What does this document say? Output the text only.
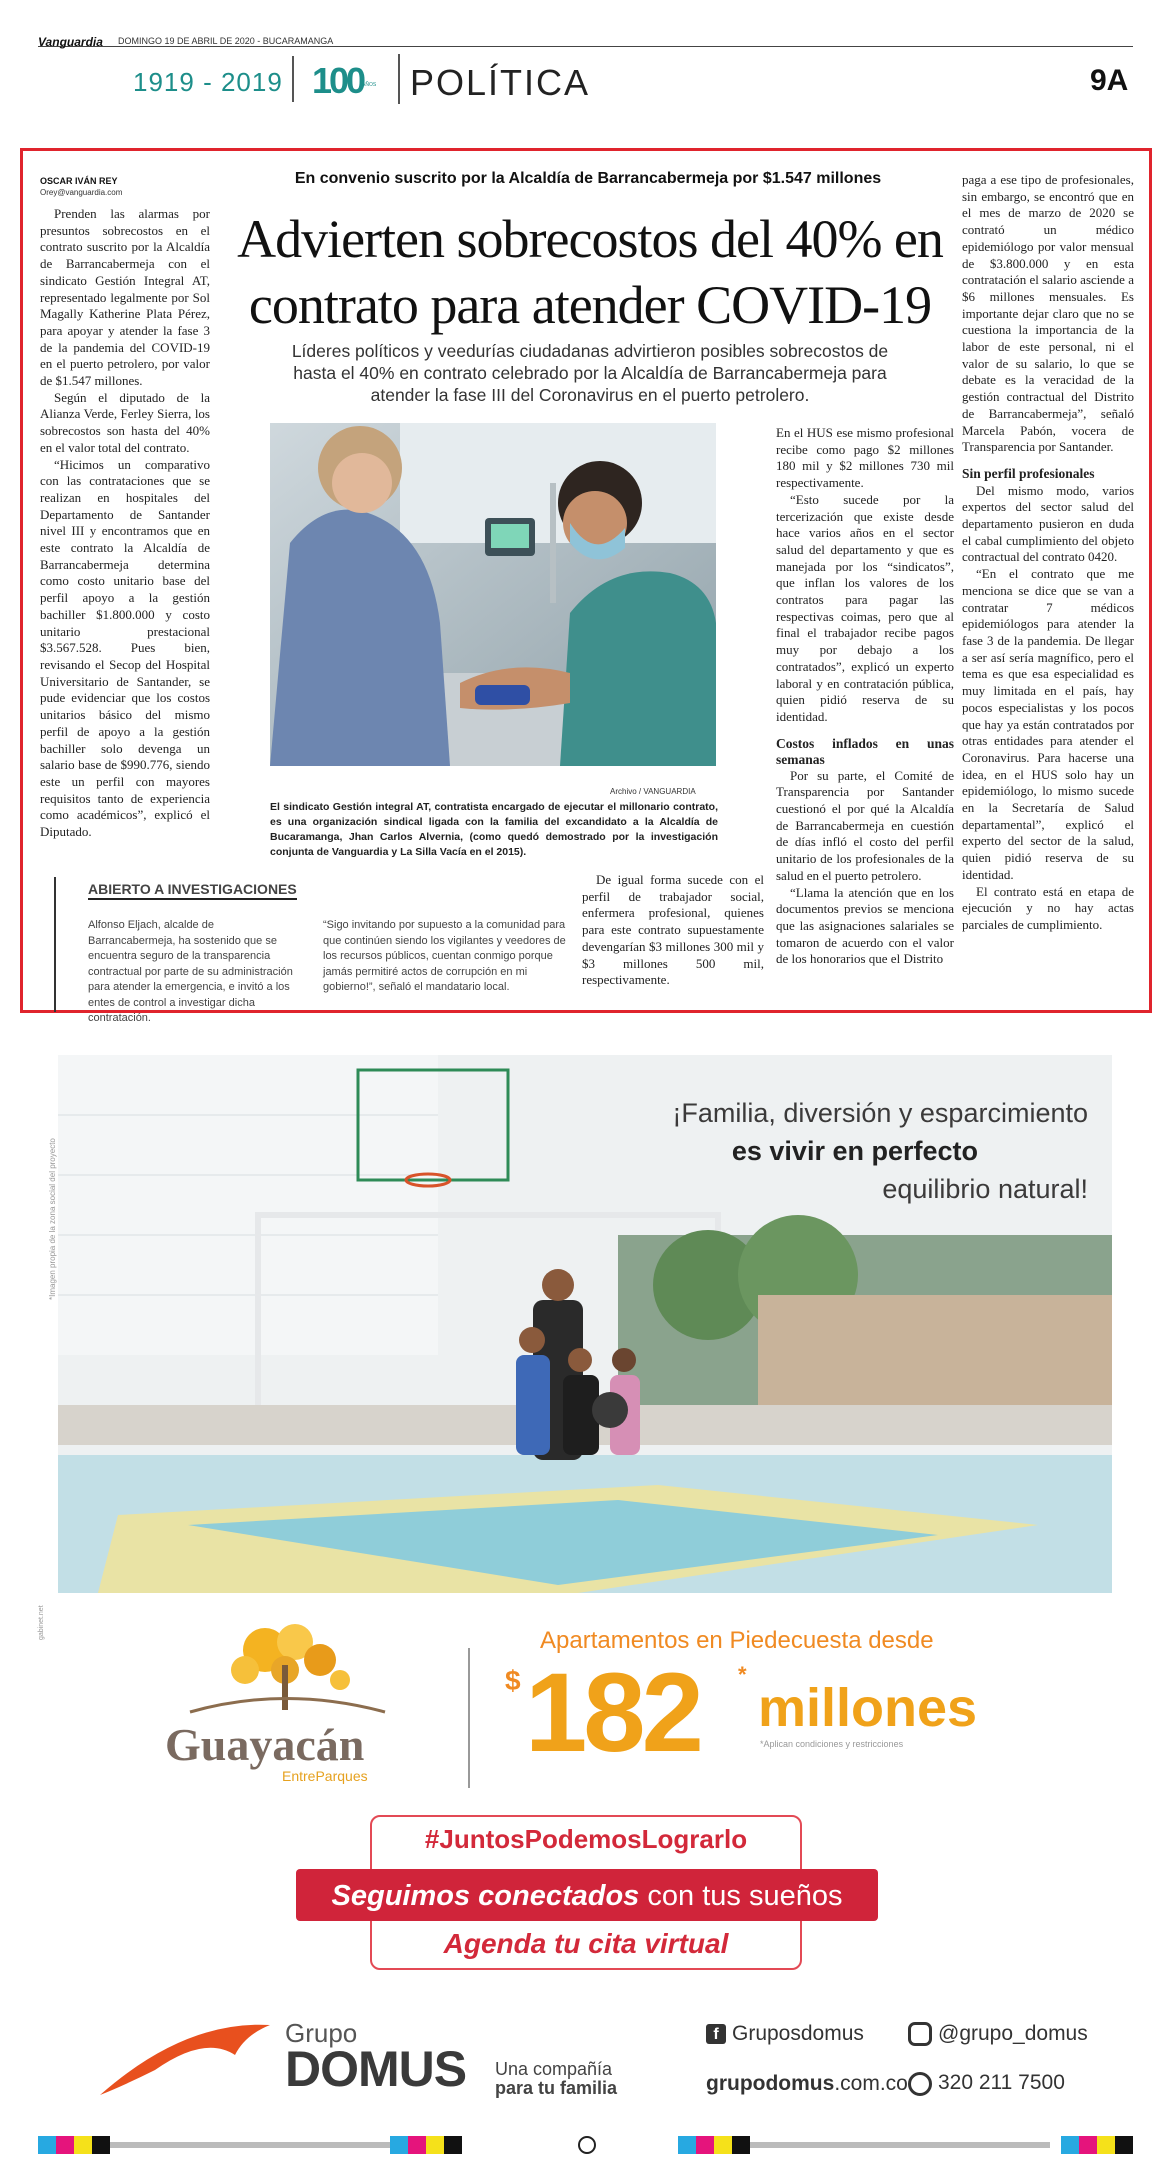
Vanguardia DOMINGO 19 DE ABRIL DE 2020 - BUCARAMANGA
1919 - 2019 100
AÑOS POLÍTICA	9A
OSCAR IVÁN REY
Orey@vanguardia.com

Prenden las alarmas por presuntos sobrecostos en el contrato suscrito por la Alcaldía de Barrancabermeja con el sindicato Gestión Integral AT, representado legalmente por Sol Magally Katherine Plata Pérez, para apoyar y atender la fase 3 de la pandemia del COVID-19 en el puerto petrolero, por valor de $1.547 millones.

Según el diputado de la Alianza Verde, Ferley Sierra, los sobrecostos son hasta del 40% en el valor total del contrato.

“Hicimos un comparativo con las contrataciones que se realizan en hospitales del Departamento de Santander nivel III y encontramos que en este contrato la Alcaldía de Barrancabermeja determina como costo unitario base del perfil apoyo a la gestión bachiller $1.800.000 y costo unitario prestacional $3.567.528. Pues bien, revisando el Secop del Hospital Universitario de Santander, se pude evidenciar que los costos unitarios básico del mismo perfil de apoyo a la gestión bachiller solo devenga un salario base de $990.776, siendo este un perfil con mayores requisitos tanto de experiencia como académicos”, explicó el Diputado.

En convenio suscrito por la Alcaldía de Barrancabermeja por $1.547 millones
Advierten sobrecostos del 40% en contrato para atender COVID-19
Líderes políticos y veedurías ciudadanas advirtieron posibles sobrecostos de hasta el 40% en contrato celebrado por la Alcaldía de Barrancabermeja para atender la fase III del Coronavirus en el puerto petrolero.
Archivo / VANGUARDIA
El sindicato Gestión integral AT, contratista encargado de ejecutar el millonario contrato, es una organización sindical ligada con la familia del excandidato a la Alcaldía de Bucaramanga, Jhan Carlos Alvernia, (como quedó demostrado por la investigación conjunta de Vanguardia y La Silla Vacía en el 2015).
ABIERTO A INVESTIGACIONES
Alfonso Eljach, alcalde de Barrancabermeja, ha sostenido que se encuentra seguro de la transparencia contractual por parte de su administración para atender la emergencia, e invitó a los entes de control a investigar dicha contratación.
“Sigo invitando por supuesto a la comunidad para que continúen siendo los vigilantes y veedores de los recursos públicos, cuentan conmigo porque jamás permitiré actos de corrupción en mi gobierno!”, señaló el mandatario local.

De igual forma sucede con el perfil de trabajador social, enfermera profesional, quienes para este contrato supuestamente devengarían $3 millones 300 mil y $3 millones 500 mil, respectivamente.

En el HUS ese mismo profesional recibe como pago $2 millones 180 mil y $2 millones 730 mil respectivamente.

“Esto sucede por la tercerización que existe desde hace varios años en el sector salud del departamento y que es manejada por los “sindicatos”, que inflan los valores de los contratos para pagar las respectivas coimas, pero que al final el trabajador recibe pagos muy por debajo a los contratados”, explicó un experto laboral y en contratación pública, quien pidió reserva de su identidad.

Costos inflados en unas semanas

Por su parte, el Comité de Transparencia por Santander cuestionó el por qué la Alcaldía de Barrancabermeja en cuestión de días infló el costo del perfil unitario de los profesionales de la salud en el puerto petrolero.

“Llama la atención que en los documentos previos se menciona que las asignaciones salariales se tomaron de acuerdo con el valor de los honorarios que el Distrito

paga a ese tipo de profesionales, sin embargo, se encontró que en el mes de marzo de 2020 se contrató un médico epidemiólogo por valor mensual de $3.800.000 y en esta contratación el salario asciende a $6 millones mensuales. Es importante dejar claro que no se cuestiona la importancia de la labor de este personal, ni el valor de su salario, lo que se debate es la veracidad de la gestión contractual del Distrito de Barrancabermeja”, señaló Marcela Pabón, vocera de Transparencia por Santander.

Sin perfil profesionales

Del mismo modo, varios expertos del sector salud del departamento pusieron en duda el cabal cumplimiento del objeto contractual del contrato 0420.

“En el contrato que me menciona se dice que se van a contratar 7 médicos epidemiólogos para atender la fase 3 de la pandemia. De llegar a ser así sería magnífico, pero el tema es que esa especialidad es muy limitada en el país, hay pocos especialistas y los pocos que hay ya están contratados por otras entidades para atender el Coronavirus. Para hacerse una idea, en el HUS solo hay un epidemiólogo, lo mismo sucede en la Secretaría de Salud departamental”, explicó el experto del sector de la salud, quien pidió reserva de su identidad.

El contrato está en etapa de ejecución y no hay actas parciales de cumplimiento.

¡Familia, diversión y esparcimiento
es vivir en perfecto
equilibrio natural!
*Imagen propia de la zona social del proyecto
gabinet.net
Guayacán
EntreParques
Apartamentos en Piedecuesta desde
$ 182 *
millones
*Aplican condiciones y restricciones
#JuntosPodemosLograrlo
Seguimos conectados con tus sueños
Agenda tu cita virtual
Grupo
DOMUS Una compañía
para tu familia
f Gruposdomus	@grupo_domus
grupodomus.com.co 320 211 7500
